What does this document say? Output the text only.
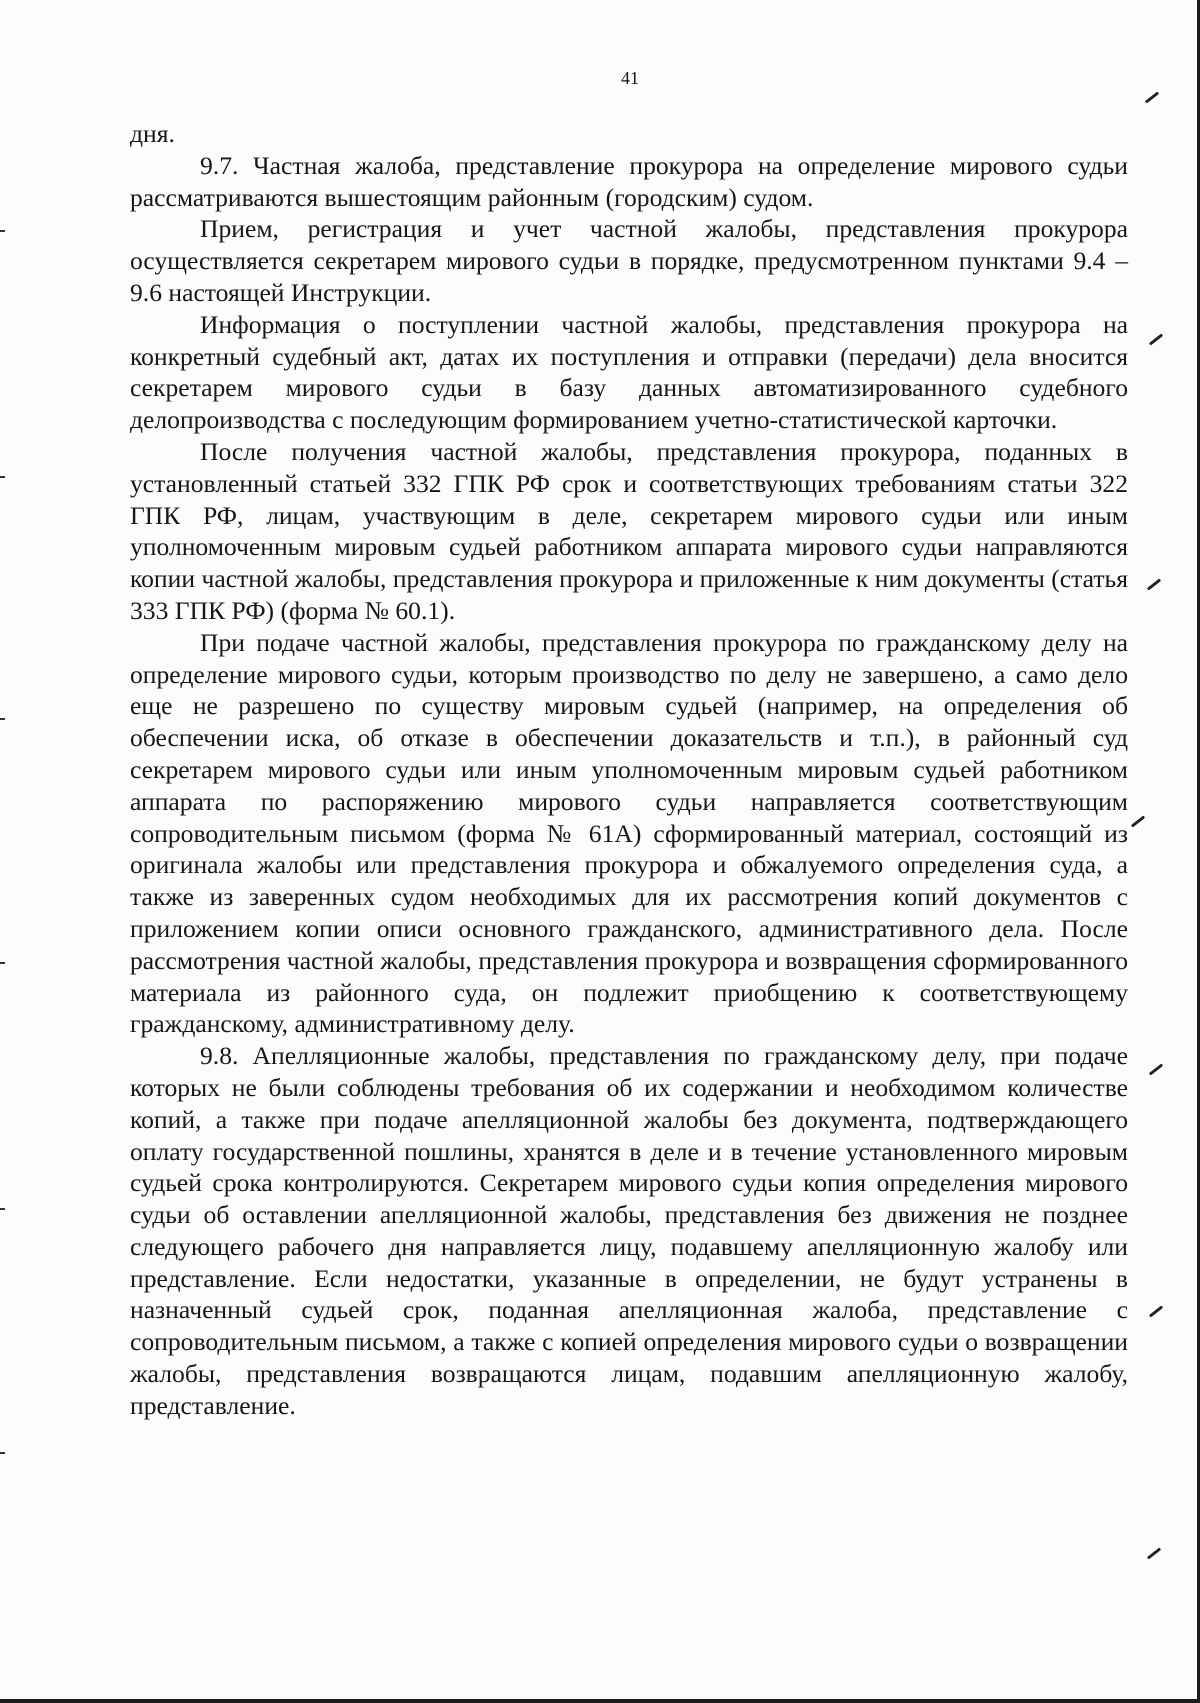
41

дня.

9.7. Частная жалоба, представление прокурора на определение мирового судьи рассматриваются вышестоящим районным (городским) судом.

Прием, регистрация и учет частной жалобы, представления прокурора осуществляется секретарем мирового судьи в порядке, предусмотренном пунктами 9.4 – 9.6 настоящей Инструкции.

Информация о поступлении частной жалобы, представления прокурора на конкретный судебный акт, датах их поступления и отправки (передачи) дела вносится секретарем мирового судьи в базу данных автоматизированного судебного делопроизводства с последующим формированием учетно-статистической карточки.

После получения частной жалобы, представления прокурора, поданных в установленный статьей 332 ГПК РФ срок и соответствующих требованиям статьи 322 ГПК РФ, лицам, участвующим в деле, секретарем мирового судьи или иным уполномоченным мировым судьей работником аппарата мирового судьи направляются копии частной жалобы, представления прокурора и приложенные к ним документы (статья 333 ГПК РФ) (форма № 60.1).

При подаче частной жалобы, представления прокурора по гражданскому делу на определение мирового судьи, которым производство по делу не завершено, а само дело еще не разрешено по существу мировым судьей (например, на определения об обеспечении иска, об отказе в обеспечении доказательств и т.п.), в районный суд секретарем мирового судьи или иным уполномоченным мировым судьей работником аппарата по распоряжению мирового судьи направляется соответствующим сопроводительным письмом (форма № 61А) сформированный материал, состоящий из оригинала жалобы или представления прокурора и обжалуемого определения суда, а также из заверенных судом необходимых для их рассмотрения копий документов с приложением копии описи основного гражданского, административного дела. После рассмотрения частной жалобы, представления прокурора и возвращения сформированного материала из районного суда, он подлежит приобщению к соответствующему гражданскому, административному делу.

9.8. Апелляционные жалобы, представления по гражданскому делу, при подаче которых не были соблюдены требования об их содержании и необходимом количестве копий, а также при подаче апелляционной жалобы без документа, подтверждающего оплату государственной пошлины, хранятся в деле и в течение установленного мировым судьей срока контролируются. Секретарем мирового судьи копия определения мирового судьи об оставлении апелляционной жалобы, представления без движения не позднее следующего рабочего дня направляется лицу, подавшему апелляционную жалобу или представление. Если недостатки, указанные в определении, не будут устранены в назначенный судьей срок, поданная апелляционная жалоба, представление с сопроводительным письмом, а также с копией определения мирового судьи о возвращении жалобы, представления возвращаются лицам, подавшим апелляционную жалобу, представление.
